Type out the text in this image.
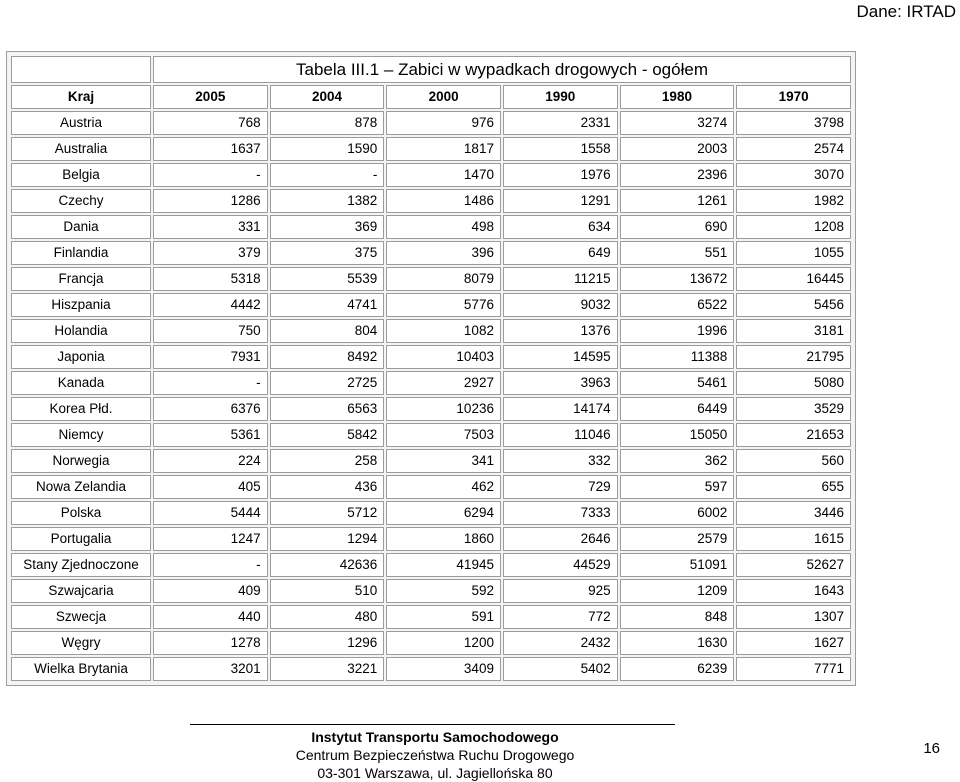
Dane: IRTAD
	Tabela III.1 – Zabici w wypadkach drogowych - ogółem					
Kraj	2005	2004	2000	1990	1980	1970
Austria	768	878	976	2331	3274	3798
Australia	1637	1590	1817	1558	2003	2574
Belgia	-	-	1470	1976	2396	3070
Czechy	1286	1382	1486	1291	1261	1982
Dania	331	369	498	634	690	1208
Finlandia	379	375	396	649	551	1055
Francja	5318	5539	8079	11215	13672	16445
Hiszpania	4442	4741	5776	9032	6522	5456
Holandia	750	804	1082	1376	1996	3181
Japonia	7931	8492	10403	14595	11388	21795
Kanada	-	2725	2927	3963	5461	5080
Korea Płd.	6376	6563	10236	14174	6449	3529
Niemcy	5361	5842	7503	11046	15050	21653
Norwegia	224	258	341	332	362	560
Nowa Zelandia	405	436	462	729	597	655
Polska	5444	5712	6294	7333	6002	3446
Portugalia	1247	1294	1860	2646	2579	1615
Stany Zjednoczone	-	42636	41945	44529	51091	52627
Szwajcaria	409	510	592	925	1209	1643
Szwecja	440	480	591	772	848	1307
Węgry	1278	1296	1200	2432	1630	1627
Wielka Brytania	3201	3221	3409	5402	6239	7771
Instytut Transportu Samochodowego
Centrum Bezpieczeństwa Ruchu Drogowego
03-301 Warszawa, ul. Jagiellońska 80
16
